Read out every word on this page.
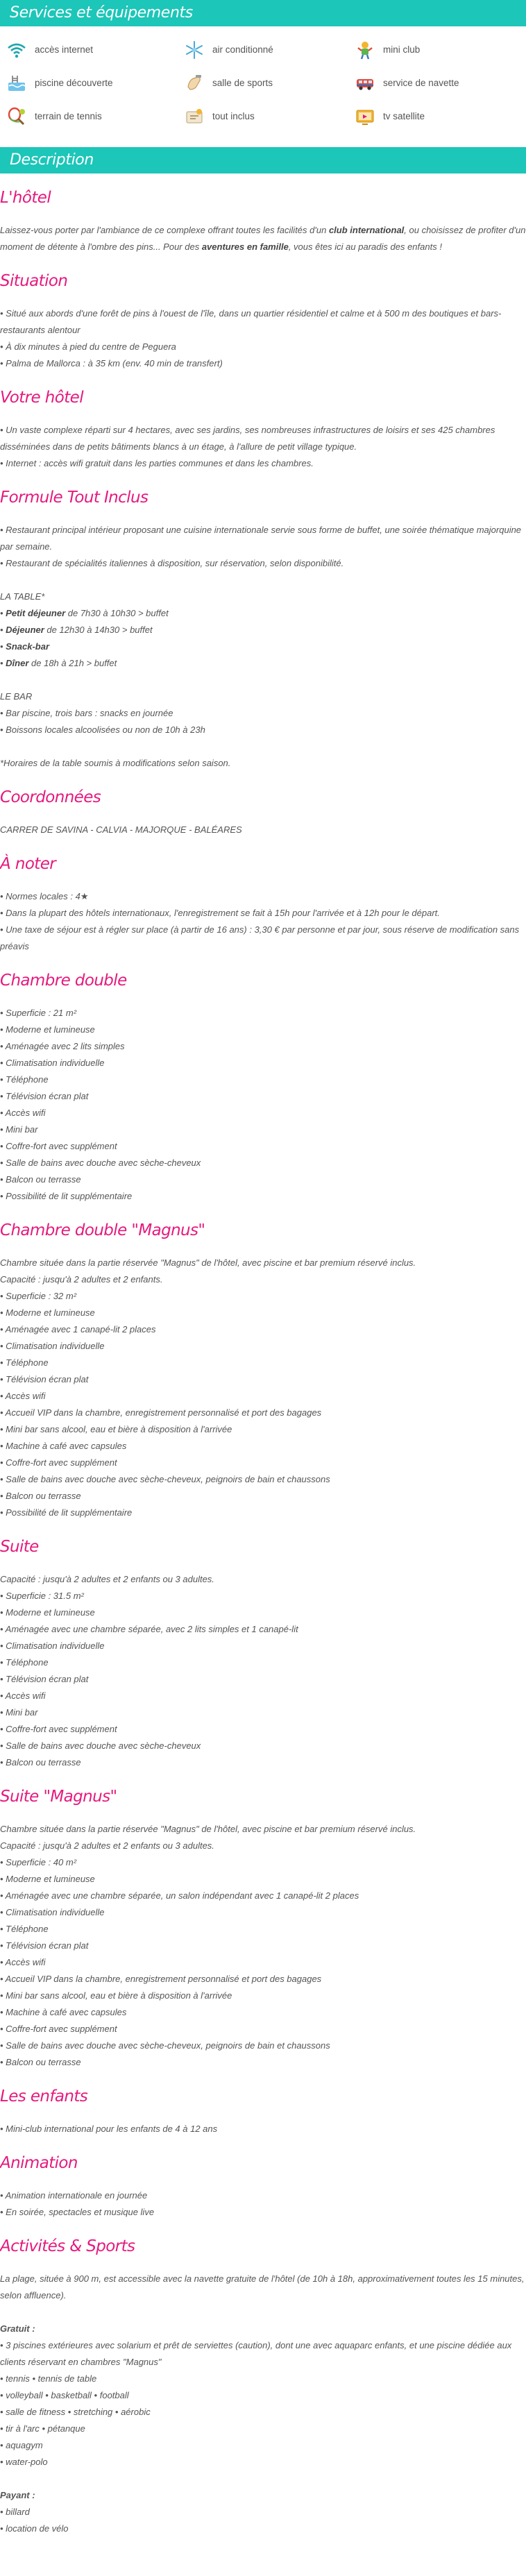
Services et équipements
accès internet	air conditionné	mini club
piscine découverte	salle de sports	service de navette
terrain de tennis	tout inclus	tv satellite
Description
L'hôtel

Laissez-vous porter par l'ambiance de ce complexe offrant toutes les facilités d'un club international, ou choisissez de profiter d'un moment de détente à l'ombre des pins... Pour des aventures en famille, vous êtes ici au paradis des enfants !

Situation
• Situé aux abords d'une forêt de pins à l'ouest de l'île, dans un quartier résidentiel et calme et à 500 m des boutiques et bars-restaurants alentour
• À dix minutes à pied du centre de Peguera
• Palma de Mallorca : à 35 km (env. 40 min de transfert)
Votre hôtel
• Un vaste complexe réparti sur 4 hectares, avec ses jardins, ses nombreuses infrastructures de loisirs et ses 425 chambres disséminées dans de petits bâtiments blancs à un étage, à l'allure de petit village typique.
• Internet : accès wifi gratuit dans les parties communes et dans les chambres.
Formule Tout Inclus
• Restaurant principal intérieur proposant une cuisine internationale servie sous forme de buffet, une soirée thématique majorquine par semaine.
• Restaurant de spécialités italiennes à disposition, sur réservation, selon disponibilité.
LA TABLE*
• Petit déjeuner de 7h30 à 10h30 > buffet
• Déjeuner de 12h30 à 14h30 > buffet
• Snack-bar
• Dîner de 18h à 21h > buffet
LE BAR
• Bar piscine, trois bars : snacks en journée
• Boissons locales alcoolisées ou non de 10h à 23h
*Horaires de la table soumis à modifications selon saison.
Coordonnées
CARRER DE SAVINA - CALVIA - MAJORQUE - BALÉARES
À noter
• Normes locales : 4★
• Dans la plupart des hôtels internationaux, l'enregistrement se fait à 15h pour l'arrivée et à 12h pour le départ.
• Une taxe de séjour est à régler sur place (à partir de 16 ans) : 3,30 € par personne et par jour, sous réserve de modification sans préavis
Chambre double
• Superficie : 21 m²
• Moderne et lumineuse
• Aménagée avec 2 lits simples
• Climatisation individuelle
• Téléphone
• Télévision écran plat
• Accès wifi
• Mini bar
• Coffre-fort avec supplément
• Salle de bains avec douche avec sèche-cheveux
• Balcon ou terrasse
• Possibilité de lit supplémentaire
Chambre double "Magnus"
Chambre située dans la partie réservée "Magnus" de l'hôtel, avec piscine et bar premium réservé inclus.
Capacité : jusqu'à 2 adultes et 2 enfants.
• Superficie : 32 m²
• Moderne et lumineuse
• Aménagée avec 1 canapé-lit 2 places
• Climatisation individuelle
• Téléphone
• Télévision écran plat
• Accès wifi
• Accueil VIP dans la chambre, enregistrement personnalisé et port des bagages
• Mini bar sans alcool, eau et bière à disposition à l'arrivée
• Machine à café avec capsules
• Coffre-fort avec supplément
• Salle de bains avec douche avec sèche-cheveux, peignoirs de bain et chaussons
• Balcon ou terrasse
• Possibilité de lit supplémentaire
Suite
Capacité : jusqu'à 2 adultes et 2 enfants ou 3 adultes.
• Superficie : 31.5 m²
• Moderne et lumineuse
• Aménagée avec une chambre séparée, avec 2 lits simples et 1 canapé-lit
• Climatisation individuelle
• Téléphone
• Télévision écran plat
• Accès wifi
• Mini bar
• Coffre-fort avec supplément
• Salle de bains avec douche avec sèche-cheveux
• Balcon ou terrasse
Suite "Magnus"
Chambre située dans la partie réservée "Magnus" de l'hôtel, avec piscine et bar premium réservé inclus.
Capacité : jusqu'à 2 adultes et 2 enfants ou 3 adultes.
• Superficie : 40 m²
• Moderne et lumineuse
• Aménagée avec une chambre séparée, un salon indépendant avec 1 canapé-lit 2 places
• Climatisation individuelle
• Téléphone
• Télévision écran plat
• Accès wifi
• Accueil VIP dans la chambre, enregistrement personnalisé et port des bagages
• Mini bar sans alcool, eau et bière à disposition à l'arrivée
• Machine à café avec capsules
• Coffre-fort avec supplément
• Salle de bains avec douche avec sèche-cheveux, peignoirs de bain et chaussons
• Balcon ou terrasse
Les enfants
• Mini-club international pour les enfants de 4 à 12 ans
Animation
• Animation internationale en journée
• En soirée, spectacles et musique live
Activités & Sports
La plage, située à 900 m, est accessible avec la navette gratuite de l'hôtel (de 10h à 18h, approximativement toutes les 15 minutes, selon affluence).
Gratuit :
• 3 piscines extérieures avec solarium et prêt de serviettes (caution), dont une avec aquaparc enfants, et une piscine dédiée aux clients réservant en chambres "Magnus"
• tennis • tennis de table
• volleyball • basketball • football
• salle de fitness • stretching • aérobic
• tir à l'arc • pétanque
• aquagym
• water-polo
Payant :
• billard
• location de vélo
